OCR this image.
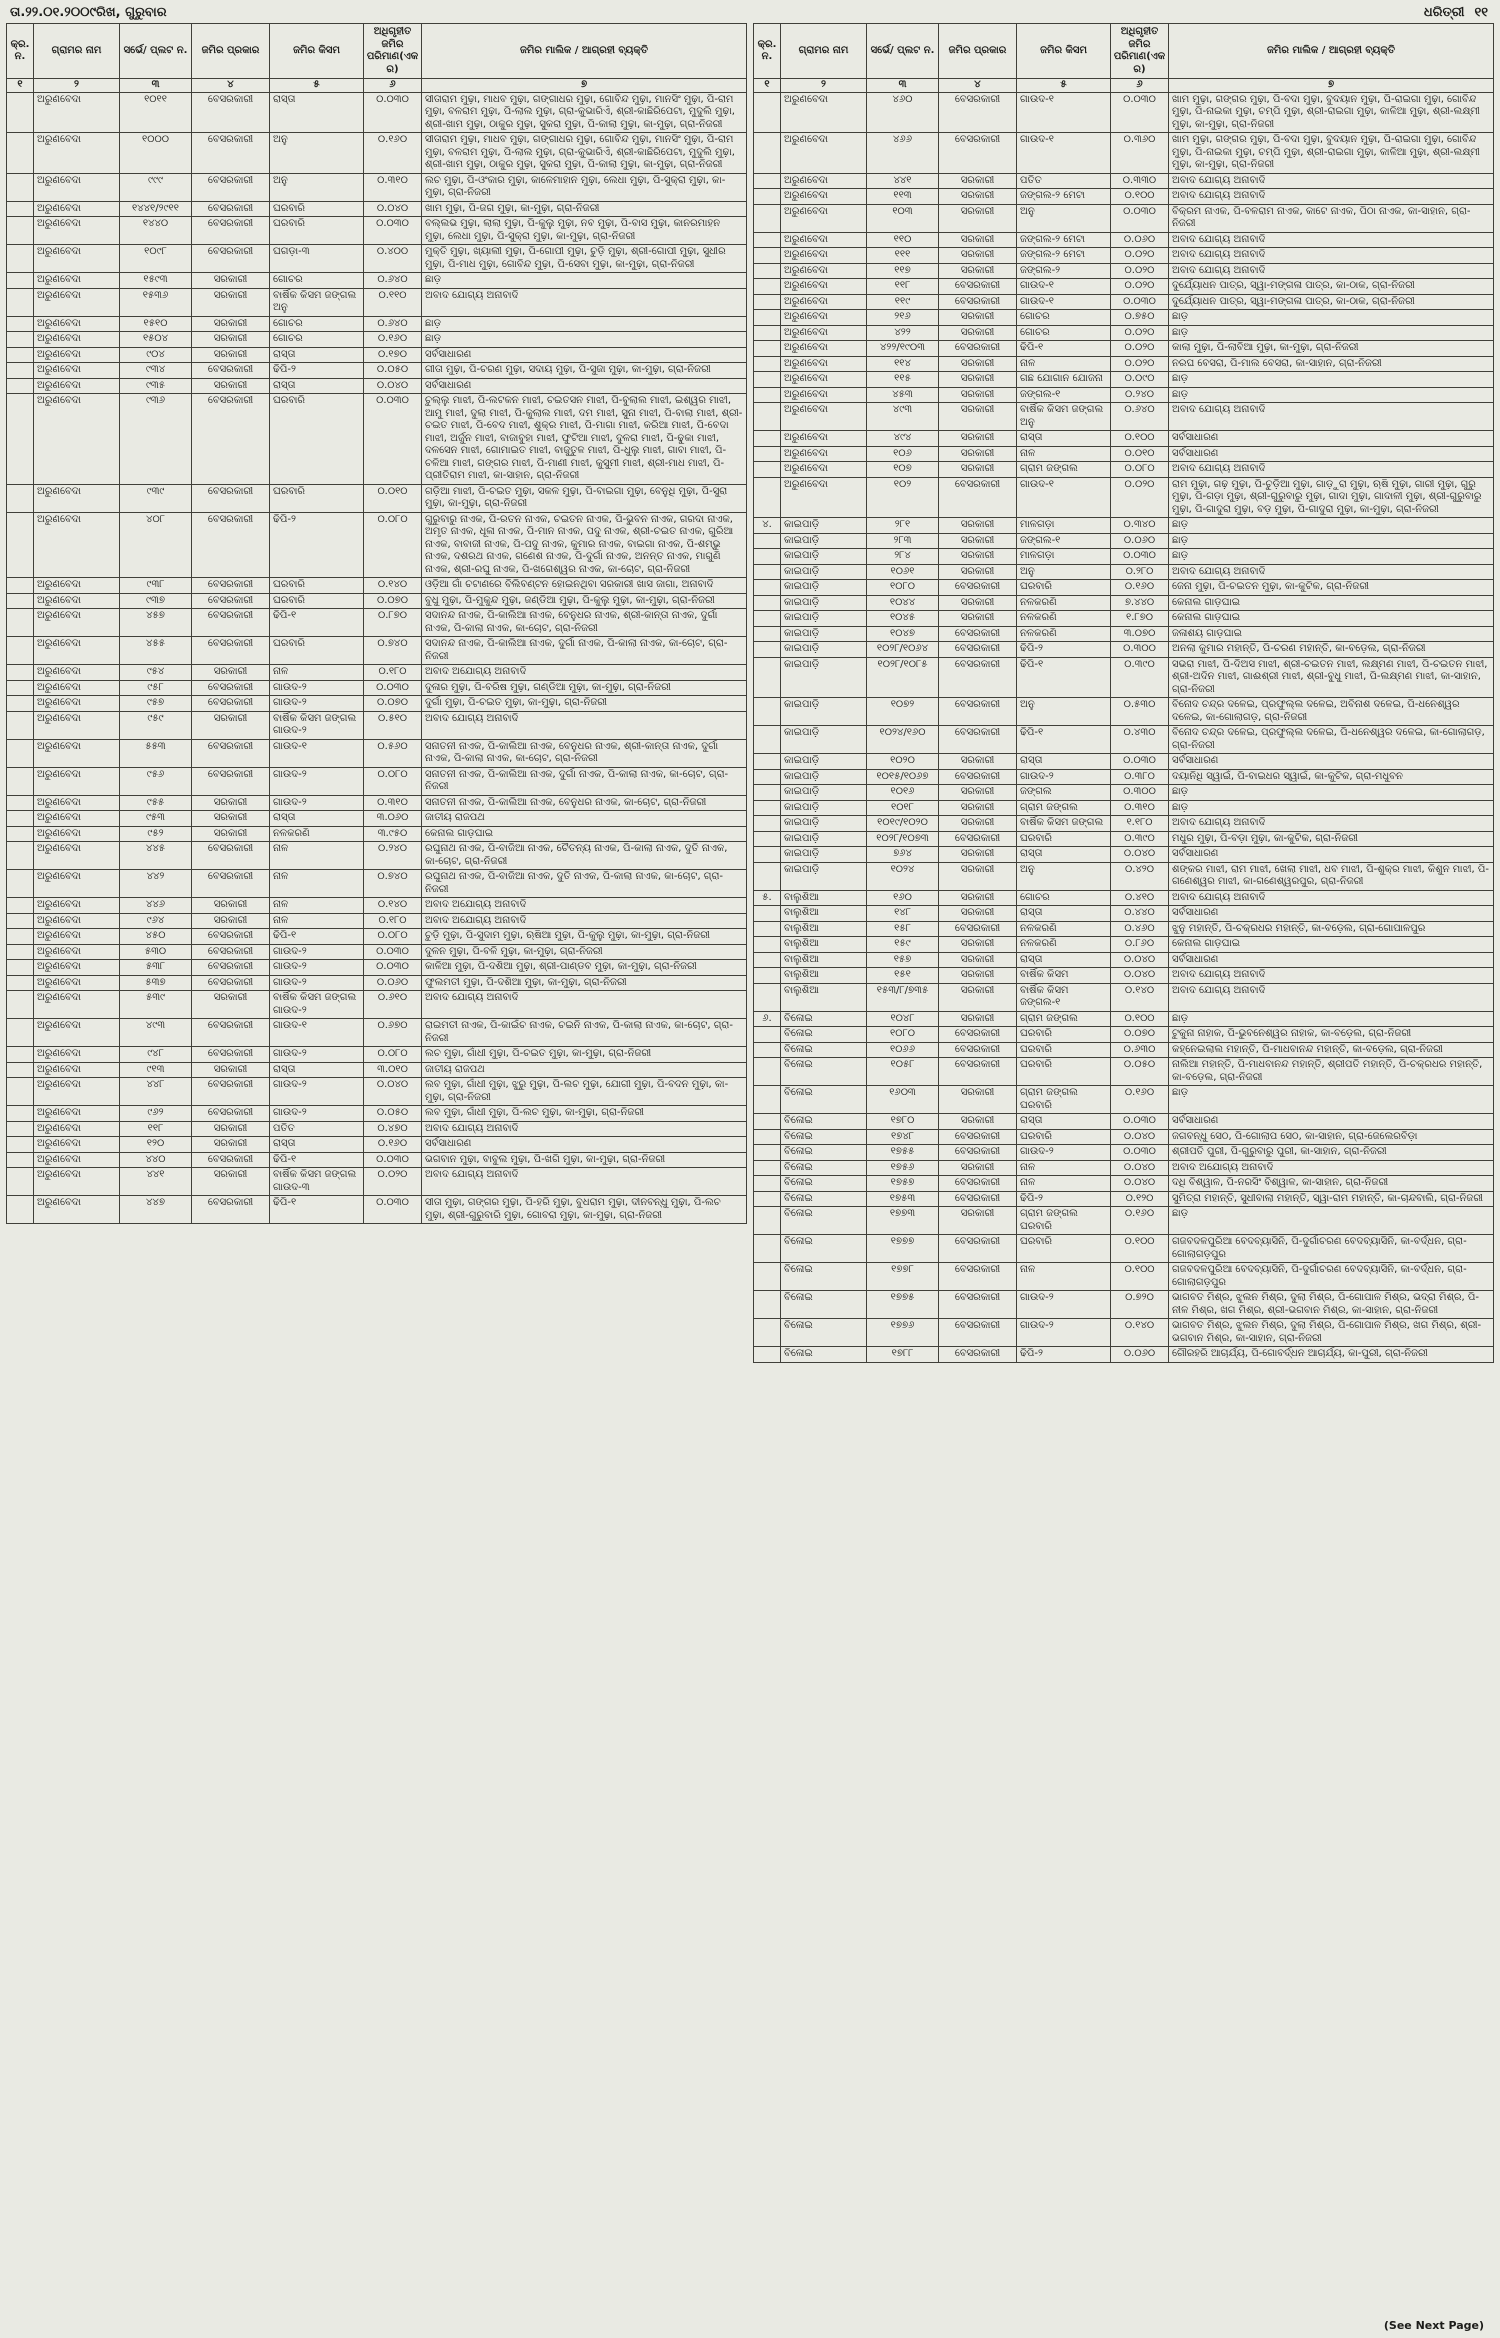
ତା.୨୨.୦୧.୨୦୦୯ରିଖ, ଗୁରୁବାର	ଧରିତ୍ରୀ ୧୧
କ୍ର. ନ.	ଗ୍ରାମର ନାମ	ସର୍ଭେ/ ପ୍ଲଟ ନ.	ଜମିର ପ୍ରକାର	ଜମିର କିସମ	ଅଧିଗୃହୀତ ଜମିର ପରିମାଣ(ଏକର)	ଜମିର ମାଲିକ / ଆଗ୍ରହୀ ବ୍ୟକ୍ତି
୧	୨	୩	୪	୫	୬	୭
	ଅରୁଣବେଦା	୧୦୧୧	ବେସରକାରୀ	ରାସ୍ତା	୦.୦୩୦	ସୀତାରାମ ମୁଢ଼ା, ମାଧବ ମୁଢ଼ା, ଗଙ୍ଗାଧର ମୁଢ଼ା, ଗୋବିନ୍ଦ ମୁଢ଼ା, ମାନସିଂ ମୁଢ଼ା, ପି-ରାମ ମୁଢ଼ା, ବଳରାମ ମୁଢ଼ା, ପି-ଲାଲ ମୁଢ଼ା, ଗ୍ରା-କୁଭାରିଏଁ, ଶ୍ରୀ-କାଛିରିପେଟା, ମୁଦୁଲି ମୁଢ଼ା, ଶ୍ରୀ-ଖାମ ମୁଢ଼ା, ଠାକୁର ମୁଢ଼ା, ସୁକରା ମୁଢ଼ା, ପି-କାଲା ମୁଢ଼ା, କା-ମୁଢ଼ା, ଗ୍ରା-ନିଜରୀ
	ଅରୁଣବେଦା	୧୦୦୦	ବେସରକାରୀ	ଅନୁ	୦.୧୬୦	ସୀତାରାମ ମୁଢ଼ା, ମାଧବ ମୁଢ଼ା, ଗଙ୍ଗାଧର ମୁଢ଼ା, ଗୋବିନ୍ଦ ମୁଢ଼ା, ମାନସିଂ ମୁଢ଼ା, ପି-ରାମ ମୁଢ଼ା, ବଳରାମ ମୁଢ଼ା, ପି-ଲାଲ ମୁଢ଼ା, ଗ୍ରା-କୁଭାରିଏଁ, ଶ୍ରୀ-କାଛିରିପେଟା, ମୁଦୁଲି ମୁଢ଼ା, ଶ୍ରୀ-ଖାମ ମୁଢ଼ା, ଠାକୁର ମୁଢ଼ା, ସୁକରା ମୁଢ଼ା, ପି-କାଲା ମୁଢ଼ା, କା-ମୁଢ଼ା, ଗ୍ରା-ନିଜରୀ
	ଅରୁଣବେଦା	୯୯୯	ବେସରକାରୀ	ଅନୁ	୦.୩୧୦	ଲଚ ମୁଢ଼ା, ପି-ଓଂକାର ମୁଢ଼ା, କାଳେମାହାନ ମୁଢ଼ା, ଲେଧା ମୁଢ଼ା, ପି-ସୁକ୍ରା ମୁଢ଼ା, କା-ମୁଢ଼ା, ଗ୍ରା-ନିଜରୀ
	ଅରୁଣବେଦା	୧୪୪୧/୨୯୧୧	ବେସରକାରୀ	ଘରବାରି	୦.୦୪୦	ଖାମ ମୁଢ଼ା, ପି-ଜଗ ମୁଢ଼ା, କା-ମୁଢ଼ା, ଗ୍ରା-ନିଜରୀ
	ଅରୁଣବେଦା	୧୪୪୦	ବେସରକାରୀ	ଘରବାରି	୦.୦୩୦	ବଲ୍ଲଭ ମୁଢ଼ା, ଲାଲା ମୁଢ଼ା, ପି-କୁଲୁ ମୁଢ଼ା, ନବ ମୁଢ଼ା, ପି-ବାସ ମୁଢ଼ା, କାନରମାହନ ମୁଢ଼ା, ଲେଧା ମୁଢ଼ା, ପି-ସୁକ୍ରା ମୁଢ଼ା, କା-ମୁଢ଼ା, ଗ୍ରା-ନିଜରୀ
	ଅରୁଣବେଦା	୧୦୯୮	ବେସରକାରୀ	ଘଗଡ଼ା-୩	୦.୪୦୦	ମୁକ୍ତି ମୁଢ଼ା, ଖ୍ୟାଲୀ ମୁଢ଼ା, ପି-ଗୋପୀ ମୁଢ଼ା, ଚୁଡ଼ି ମୁଢ଼ା, ଶ୍ରୀ-ଗୋପୀ ମୁଢ଼ା, ସୁଧୀର ମୁଢ଼ା, ପି-ମାଧ ମୁଢ଼ା, ଗୋବିନ୍ଦ ମୁଢ଼ା, ପି-ସେବା ମୁଢ଼ା, କା-ମୁଢ଼ା, ଗ୍ରା-ନିଜରୀ
	ଅରୁଣବେଦା	୧୫୯୩	ସରକାରୀ	ଗୋଚର	୦.୬୪୦	ଛାଡ଼
	ଅରୁଣବେଦା	୧୫୩୬	ସରକାରୀ	ବାର୍ଷିକ କିସମ ଜଙ୍ଗଲ ଅନୁ	୦.୧୧୦	ଅବାଦ ଯୋଗ୍ୟ ଅନାବାଦି
	ଅରୁଣବେଦା	୧୫୧୦	ସରକାରୀ	ଗୋଚର	୦.୬୪୦	ଛାଡ଼
	ଅରୁଣବେଦା	୧୫୦୪	ସରକାରୀ	ଗୋଚର	୦.୧୬୦	ଛାଡ଼
	ଅରୁଣବେଦା	୯୦୪	ସରକାରୀ	ରାସ୍ତା	୦.୧୭୦	ସର୍ବସାଧାରଣ
	ଅରୁଣବେଦା	୯୩୪	ବେସରକାରୀ	ଢିପି-୨	୦.୦୫୦	ଗୀତା ମୁଢ଼ା, ପି-ଚରଣ ମୁଢ଼ା, ସଦାୟ ମୁଢ଼ା, ପି-ସୁଜା ମୁଢ଼ା, କା-ମୁଢ଼ା, ଗ୍ରା-ନିଜରୀ
	ଅରୁଣବେଦା	୯୩୫	ସରକାରୀ	ରାସ୍ତା	୦.୦୪୦	ସର୍ବସାଧାରଣ
	ଅରୁଣବେଦା	୯୩୬	ବେସରକାରୀ	ଘରବାରି	୦.୦୩୦	ଚୁଲ୍ଲୁ ମାଝୀ, ପି-ଲଟକନ ମାଝୀ, ଚଇତସନ ମାଝୀ, ପି-ବୁଲାଲ ମାଝୀ, ଇଶ୍ୱର ମାଝୀ, ଆମୁ ମାଝୀ, ଦୁଲା ମାଝୀ, ପି-କୁଲାଲ ମାଝୀ, ଦମ ମାଝୀ, ସୁନା ମାଝୀ, ପି-ବାଲା ମାଝୀ, ଶ୍ରୀ-ଚଇତ ମାଝୀ, ପି-ବେଦ ମାଝୀ, ଶୁକ୍ର ମାଝୀ, ପି-ମାଗା ମାଝୀ, କରିଆ ମାଝୀ, ପି-ବେଦା ମାଝୀ, ଅର୍ଜୁନ ମାଝୀ, ବାଜାବୁହା ମାଝୀ, ଫୁଟିଆ ମାଝୀ, ଦୁଳରା ମାଝୀ, ପି-ଢୁକା ମାଝୀ, ଦଳସେନ ମାଝୀ, ଗୋମାଇତ ମାଝୀ, ବାଜୁତୁଳ ମାଝୀ, ପି-ଧୁଲୁ ମାଝୀ, ଗାବା ମାଝୀ, ପି-ଚଳିଆ ମାଝୀ, ଗଙ୍ଗର ମାଝୀ, ପି-ମାଣୀ ମାଝୀ, କୁସୁମୀ ମାଝୀ, ଶ୍ରୀ-ମାଧ ମାଝୀ, ପି-ପ୍ରୀତିରାମ ମାଝୀ, କା-ସାହାନ, ଗ୍ରା-ନିଜରୀ
	ଅରୁଣବେଦା	୯୩୯	ବେସରକାରୀ	ଘରବାରି	୦.୦୧୦	ଗଡ଼ିଆ ମାଝୀ, ପି-ଚଇତ ମୁଢ଼ା, ସକଳ ମୁଢ଼ା, ପି-ବାଇଗା ମୁଢ଼ା, ବେନୁଧି ମୁଢ଼ା, ପି-ସୁରା ମୁଢ଼ା, କା-ମୁଢ଼ା, ଗ୍ରା-ନିଜରୀ
	ଅରୁଣବେଦା	୪୦୮	ବେସରକାରୀ	ଢିପି-୨	୦.୦୮୦	ଗୁରୁବାରୁ ନାଏକ, ପି-ରତନ ନାଏକ, ଚଇତନ ନାଏକ, ପି-ଭୁବନ ନାଏକ, ଗରଦା ନାଏକ, ଅମୃତ ନାଏକ, ଧୂଳା ନାଏକ, ପି-ମାନ ନାଏକ, ପଦୁ ନାଏକ, ଶ୍ରୀ-ଚଇତ ନାଏକ, ଗୁରିଆ ନାଏକ, ବାବାଜୀ ନାଏକ, ପି-ପଦୁ ନାଏକ, କୁମାର ନାଏକ, ବାଇଗା ନାଏକ, ପି-ଶମ୍ଭୁ ନାଏକ, ଦଶରଥ ନାଏକ, ଗଣେଶ ନାଏକ, ପି-ଦୁର୍ଗା ନାଏକ, ଅନନ୍ତ ନାଏକ, ମାଗୁଣି ନାଏକ, ଶ୍ରୀ-ରଘୁ ନାଏକ, ପି-ଖଗେଶ୍ୱର ନାଏକ, କା-ଚୋଟ, ଗ୍ରା-ନିଜରୀ
	ଅରୁଣବେଦା	୯୩୮	ବେସରକାରୀ	ଘରବାରି	୦.୧୪୦	ଓଡ଼ିଆ ଗାଁ ଚଟାଣରେ ବିଲିବଣ୍ଟନ ହୋଇନଥିବା ସରକାରୀ ଖାସ ଜାଗା, ଅନାବାଦି
	ଅରୁଣବେଦା	୯୩୭	ବେସରକାରୀ	ଘରବାରି	୦.୦୭୦	ବୁଧୁ ମୁଢ଼ା, ପି-ମୁକୁନ୍ଦ ମୁଢ଼ା, ଜଣ୍ଡିଆ ମୁଢ଼ା, ପି-କୁଲୁ ମୁଢ଼ା, କା-ମୁଢ଼ା, ଗ୍ରା-ନିଜରୀ
	ଅରୁଣବେଦା	୪୫୭	ବେସରକାରୀ	ଢିପି-୧	୦.୮୭୦	ସଦାନନ୍ଦ ନାଏକ, ପି-କାଲିଆ ନାଏକ, ବେନୁଧର ନାଏକ, ଶ୍ରୀ-କାନ୍ତା ନାଏକ, ଦୁର୍ଗା ନାଏକ, ପି-କାଲା ନାଏକ, କା-ଚୋଟ, ଗ୍ରା-ନିଜରୀ
	ଅରୁଣବେଦା	୪୫୫	ବେସରକାରୀ	ଘରବାରି	୦.୭୪୦	ସଦାନନ୍ଦ ନାଏକ, ପି-କାଲିଆ ନାଏକ, ଦୁର୍ଗା ନାଏକ, ପି-କାଲା ନାଏକ, କା-ଚୋଟ, ଗ୍ରା-ନିଜରୀ
	ଅରୁଣବେଦା	୯୫୪	ସରକାରୀ	ନାଳ	୦.୧୮୦	ଅବାଦ ଅଯୋଗ୍ୟ ଅନାବାଦି
	ଅରୁଣବେଦା	୯୫୮	ବେସରକାରୀ	ଗାଉଦ-୨	୦.୦୩୦	ଦୁଳାର ମୁଢ଼ା, ପି-ବରିଷ ମୁଢ଼ା, ଗଣ୍ଡିଆ ମୁଢ଼ା, କା-ମୁଢ଼ା, ଗ୍ରା-ନିଜରୀ
	ଅରୁଣବେଦା	୯୫୭	ବେସରକାରୀ	ଗାଉଦ-୨	୦.୦୭୦	ଦୁର୍ଗା ମୁଢ଼ା, ପି-ଚଇତ ମୁଢ଼ା, କା-ମୁଢ଼ା, ଗ୍ରା-ନିଜରୀ
	ଅରୁଣବେଦା	୯୫୯	ସରକାରୀ	ବାର୍ଷିକ କିସମ ଜଙ୍ଗଲ ଗାଉଦ-୨	୦.୫୧୦	ଅବାଦ ଯୋଗ୍ୟ ଅନାବାଦି
	ଅରୁଣବେଦା	୫୫୩	ବେସରକାରୀ	ଗାଉଦ-୧	୦.୫୬୦	ସନାତନୀ ନାଏକ, ପି-କାଲିଆ ନାଏକ, ବେନୁଧର ନାଏକ, ଶ୍ରୀ-କାନ୍ତା ନାଏକ, ଦୁର୍ଗା ନାଏକ, ପି-କାଲା ନାଏକ, କା-ଚୋଟ, ଗ୍ରା-ନିଜରୀ
	ଅରୁଣବେଦା	୯୫୬	ବେସରକାରୀ	ଗାଉଦ-୨	୦.୦୮୦	ସନାତନୀ ନାଏକ, ପି-କାଲିଆ ନାଏକ, ଦୁର୍ଗା ନାଏକ, ପି-କାଲା ନାଏକ, କା-ଚୋଟ, ଗ୍ରା-ନିଜରୀ
	ଅରୁଣବେଦା	୯୫୫	ସରକାରୀ	ଗାଉଦ-୨	୦.୩୧୦	ସନାତନୀ ନାଏକ, ପି-କାଲିଆ ନାଏକ, ବେନୁଧର ନାଏକ, କା-ଚୋଟ, ଗ୍ରା-ନିଜରୀ
	ଅରୁଣବେଦା	୯୫୩	ସରକାରୀ	ରାସ୍ତା	୩.୦୬୦	ଜାତୀୟ ରାଜପଥ
	ଅରୁଣବେଦା	୯୫୨	ସରକାରୀ	ନଳକରଣି	୩.୯୫୦	କେନାଲ ଗାଡ଼ଘାଇ
	ଅରୁଣବେଦା	୪୪୫	ବେସରକାରୀ	ନାଳ	୦.୨୪୦	ରଘୁନାଥ ନାଏକ, ପି-ବାଜିଆ ନାଏକ, ଚୈତନ୍ୟ ନାଏକ, ପି-କାଲା ନାଏକ, ଦୁତି ନାଏକ, କା-ଚୋଟ, ଗ୍ରା-ନିଜରୀ
	ଅରୁଣବେଦା	୪୪୨	ବେସରକାରୀ	ନାଳ	୦.୭୪୦	ରଘୁନାଥ ନାଏକ, ପି-ବାଜିଆ ନାଏକ, ଦୁତି ନାଏକ, ପି-କାଲା ନାଏକ, କା-ଚୋଟ, ଗ୍ରା-ନିଜରୀ
	ଅରୁଣବେଦା	୪୪୬	ସରକାରୀ	ନାଳ	୦.୧୪୦	ଅବାଦ ଅଯୋଗ୍ୟ ଅନାବାଦି
	ଅରୁଣବେଦା	୯୬୪	ସରକାରୀ	ନାଳ	୦.୧୮୦	ଅବାଦ ଅଯୋଗ୍ୟ ଅନାବାଦି
	ଅରୁଣବେଦା	୪୫୦	ବେସରକାରୀ	ଢିପି-୧	୦.୦୮୦	ଚୁଡ଼ି ମୁଢ଼ା, ପି-ସୁଦାମ ମୁଢ଼ା, ଋଷିଆ ମୁଢ଼ା, ପି-କୁଲୁ ମୁଢ଼ା, କା-ମୁଢ଼ା, ଗ୍ରା-ନିଜରୀ
	ଅରୁଣବେଦା	୫୩୦	ବେସରକାରୀ	ଗାଉଦ-୨	୦.୦୩୦	ଦୁଳନ ମୁଢ଼ା, ପି-ବଳି ମୁଢ଼ା, କା-ମୁଢ଼ା, ଗ୍ରା-ନିଜରୀ
	ଅରୁଣବେଦା	୫୩୮	ବେସରକାରୀ	ଗାଉଦ-୨	୦.୦୩୦	କାଳିଆ ମୁଢ଼ା, ପି-ଦଶିଆ ମୁଢ଼ା, ଶ୍ରୀ-ପାଣ୍ଡବ ମୁଢ଼ା, କା-ମୁଢ଼ା, ଗ୍ରା-ନିଜରୀ
	ଅରୁଣବେଦା	୫୩୭	ବେସରକାରୀ	ଗାଉଦ-୨	୦.୦୬୦	ଫୁଲମତୀ ମୁଢ଼ା, ପି-ଦଶିଆ ମୁଢ଼ା, କା-ମୁଢ଼ା, ଗ୍ରା-ନିଜରୀ
	ଅରୁଣବେଦା	୫୩୯	ସରକାରୀ	ବାର୍ଷିକ କିସମ ଜଙ୍ଗଲ ଗାଉଦ-୨	୦.୬୧୦	ଅବାଦ ଯୋଗ୍ୟ ଅନାବାଦି
	ଅରୁଣବେଦା	୪୯୩	ବେସରକାରୀ	ଗାଉଦ-୧	୦.୬୭୦	ରାଇମତୀ ନାଏକ, ପି-କାଇଁଚ ନାଏକ, ଚଇନି ନାଏକ, ପି-କାଲା ନାଏକ, କା-ଚୋଟ, ଗ୍ରା-ନିଜରୀ
	ଅରୁଣବେଦା	୯୪୮	ବେସରକାରୀ	ଗାଉଦ-୨	୦.୦୮୦	ଲଚ ମୁଢ଼ା, ଗାଁଧୀ ମୁଢ଼ା, ପି-ଚଇତ ମୁଢ଼ା, କା-ମୁଢ଼ା, ଗ୍ରା-ନିଜରୀ
	ଅରୁଣବେଦା	୯୧୩	ସରକାରୀ	ରାସ୍ତା	୩.୦୧୦	ଜାତୀୟ ରାଜପଥ
	ଅରୁଣବେଦା	୪୪୮	ବେସରକାରୀ	ଗାଉଦ-୨	୦.୦୪୦	ଲବ ମୁଢ଼ା, ଗାଁଧୀ ମୁଢ଼ା, ଝୁରୁ ମୁଢ଼ା, ପି-ଲଚ ମୁଢ଼ା, ଯୋଗୀ ମୁଢ଼ା, ପି-ବଦନ ମୁଢ଼ା, କା-ମୁଢ଼ା, ଗ୍ରା-ନିଜରୀ
	ଅରୁଣବେଦା	୯୬୨	ବେସରକାରୀ	ଗାଉଦ-୨	୦.୦୫୦	ଲବ ମୁଢ଼ା, ଗାଁଧୀ ମୁଢ଼ା, ପି-ଲଚ ମୁଢ଼ା, କା-ମୁଢ଼ା, ଗ୍ରା-ନିଜରୀ
	ଅରୁଣବେଦା	୧୧୮	ସରକାରୀ	ପତିତ	୦.୪୭୦	ଅବାଦ ଯୋଗ୍ୟ ଅନାବାଦି
	ଅରୁଣବେଦା	୧୨୦	ସରକାରୀ	ରାସ୍ତା	୦.୧୬୦	ସର୍ବସାଧାରଣ
	ଅରୁଣବେଦା	୪୪୦	ବେସରକାରୀ	ଢିପି-୧	୦.୦୩୦	ଭଗବାନ ମୁଢ଼ା, ବାବୁଲ ମୁଢ଼ା, ପି-ଖଗି ମୁଢ଼ା, କା-ମୁଢ଼ା, ଗ୍ରା-ନିଜରୀ
	ଅରୁଣବେଦା	୪୪୧	ସରକାରୀ	ବାର୍ଷିକ କିସମ ଜଙ୍ଗଲ ଗାଉଦ-୩	୦.୦୨୦	ଅବାଦ ଯୋଗ୍ୟ ଅନାବାଦି
	ଅରୁଣବେଦା	୪୪୭	ବେସରକାରୀ	ଢିପି-୧	୦.୦୩୦	ସୀତା ମୁଢ଼ା, ଗଙ୍ଗର ମୁଢ଼ା, ପି-ହରି ମୁଢ଼ା, ବୁଧରାମ ମୁଢ଼ା, ଦୀନବନ୍ଧୁ ମୁଢ଼ା, ପି-ଲଚ ମୁଢ଼ା, ଶ୍ରୀ-ଗୁରୁବାରି ମୁଢ଼ା, ଗୋବରା ମୁଢ଼ା, କା-ମୁଢ଼ା, ଗ୍ରା-ନିଜରୀ
କ୍ର. ନ.	ଗ୍ରାମର ନାମ	ସର୍ଭେ/ ପ୍ଲଟ ନ.	ଜମିର ପ୍ରକାର	ଜମିର କିସମ	ଅଧିଗୃହୀତ ଜମିର ପରିମାଣ(ଏକର)	ଜମିର ମାଲିକ / ଆଗ୍ରହୀ ବ୍ୟକ୍ତି
୧	୨	୩	୪	୫	୬	୭
	ଅରୁଣବେଦା	୪୬୦	ବେସରକାରୀ	ଗାଉଦ-୧	୦.୦୩୦	ଖାମ ମୁଢ଼ା, ଗଙ୍ଗର ମୁଢ଼ା, ପି-ବଦା ମୁଢ଼ା, ବୁଦୟାନ ମୁଢ଼ା, ପି-ରାଇଗା ମୁଢ଼ା, ଗୋବିନ୍ଦ ମୁଢ଼ା, ପି-ନାଇକା ମୁଢ଼ା, ଚମ୍ପି ମୁଢ଼ା, ଶ୍ରୀ-ରାଇଗା ମୁଢ଼ା, କାଳିଆ ମୁଢ଼ା, ଶ୍ରୀ-ଲକ୍ଷ୍ମୀ ମୁଢ଼ା, କା-ମୁଢ଼ା, ଗ୍ରା-ନିଜରୀ
	ଅରୁଣବେଦା	୪୬୬	ବେସରକାରୀ	ଗାଉଦ-୧	୦.୩୬୦	ଖାମ ମୁଢ଼ା, ଗଙ୍ଗର ମୁଢ଼ା, ପି-ବଦା ମୁଢ଼ା, ବୁଦୟାନ ମୁଢ଼ା, ପି-ରାଇଗା ମୁଢ଼ା, ଗୋବିନ୍ଦ ମୁଢ଼ା, ପି-ନାଇକା ମୁଢ଼ା, ଚମ୍ପି ମୁଢ଼ା, ଶ୍ରୀ-ରାଇଗା ମୁଢ଼ା, କାଳିଆ ମୁଢ଼ା, ଶ୍ରୀ-ଲକ୍ଷ୍ମୀ ମୁଢ଼ା, କା-ମୁଢ଼ା, ଗ୍ରା-ନିଜରୀ
	ଅରୁଣବେଦା	୪୪୧	ସରକାରୀ	ପତିତ	୦.୩୩୦	ଅବାଦ ଯୋଗ୍ୟ ଅନାବାଦି
	ଅରୁଣବେଦା	୧୧୩	ସରକାରୀ	ଜଙ୍ଗଲ-୨ ମେଟା	୦.୧୦୦	ଅବାଦ ଯୋଗ୍ୟ ଅନାବାଦି
	ଅରୁଣବେଦା	୧୦୩	ସରକାରୀ	ଅନୁ	୦.୦୩୦	ବିକ୍ରମ ନାଏକ, ପି-ବଳରାମ ନାଏକ, କାଟେ ନାଏକ, ପିଠା ନାଏକ, କା-ସାହାନ, ଗ୍ରା-ନିଜରୀ
	ଅରୁଣବେଦା	୧୧୦	ସରକାରୀ	ଜଙ୍ଗଲ-୨ ମେଟା	୦.୦୬୦	ଅବାଦ ଯୋଗ୍ୟ ଅନାବାଦି
	ଅରୁଣବେଦା	୧୧୧	ସରକାରୀ	ଜଙ୍ଗଲ-୨ ମେଟା	୦.୦୨୦	ଅବାଦ ଯୋଗ୍ୟ ଅନାବାଦି
	ଅରୁଣବେଦା	୧୧୭	ସରକାରୀ	ଜଙ୍ଗଲ-୨	୦.୦୨୦	ଅବାଦ ଯୋଗ୍ୟ ଅନାବାଦି
	ଅରୁଣବେଦା	୧୧୮	ବେସରକାରୀ	ଗାଉଦ-୧	୦.୦୨୦	ଦୁର୍ଯ୍ୟୋଧନ ପାତ୍ର, ସ୍ୱା-ମଙ୍ଗଳା ପାତ୍ର, କା-ଠାକ, ଗ୍ରା-ନିଜରୀ
	ଅରୁଣବେଦା	୧୧୯	ବେସରକାରୀ	ଗାଉଦ-୧	୦.୦୩୦	ଦୁର୍ଯ୍ୟୋଧନ ପାତ୍ର, ସ୍ୱା-ମଙ୍ଗଳା ପାତ୍ର, କା-ଠାକ, ଗ୍ରା-ନିଜରୀ
	ଅରୁଣବେଦା	୨୧୬	ସରକାରୀ	ଗୋଚର	୦.୭୫୦	ଛାଡ଼
	ଅରୁଣବେଦା	୪୨୨	ସରକାରୀ	ଗୋଚର	୦.୦୨୦	ଛାଡ଼
	ଅରୁଣବେଦା	୪୨୨/୧୯୦୩	ବେସରକାରୀ	ଢିପି-୧	୦.୦୨୦	କାଲା ମୁଢ଼ା, ପି-ଲାବିଆ ମୁଢ଼ା, କା-ମୁଢ଼ା, ଗ୍ରା-ନିଜରୀ
	ଅରୁଣବେଦା	୧୧୪	ସରକାରୀ	ନାଳ	୦.୦୨୦	ନରଘ ବେସରା, ପି-ମାଲ ବେସରା, କା-ସାହାନ, ଗ୍ରା-ନିଜରୀ
	ଅରୁଣବେଦା	୧୧୫	ସରକାରୀ	ଗଛ ଯୋଗାନ ଯୋଜନା	୦.୦୯୦	ଛାଡ଼
	ଅରୁଣବେଦା	୪୫୩	ସରକାରୀ	ଜଙ୍ଗଲ-୧	୦.୨୪୦	ଛାଡ଼
	ଅରୁଣବେଦା	୪୯୩	ସରକାରୀ	ବାର୍ଷିକ କିସମ ଜଙ୍ଗଲ ଅନୁ	୦.୬୪୦	ଅବାଦ ଯୋଗ୍ୟ ଅନାବାଦି
	ଅରୁଣବେଦା	୪୯୪	ସରକାରୀ	ରାସ୍ତା	୦.୧୦୦	ସର୍ବସାଧାରଣ
	ଅରୁଣବେଦା	୧୦୬	ସରକାରୀ	ନାଳ	୦.୦୧୦	ସର୍ବସାଧାରଣ
	ଅରୁଣବେଦା	୧୦୭	ସରକାରୀ	ଗ୍ରାମ ଜଙ୍ଗଲ	୦.୦୮୦	ଅବାଦ ଯୋଗ୍ୟ ଅନାବାଦି
	ଅରୁଣବେଦା	୧୦୨	ବେସରକାରୀ	ଗାଉଦ-୧	୦.୦୨୦	ରାମ ମୁଢ଼ା, ଗଢ଼ ମୁଢ଼ା, ପି-ଚୁଡ଼ିଆ ମୁଢ଼ା, ଗାଡ଼ୁରା ମୁଢ଼ା, ଋଷି ମୁଢ଼ା, ଗାରୀ ମୁଢ଼ା, ଗୁରୁ ମୁଢ଼ା, ପି-ଗଡ଼ା ମୁଢ଼ା, ଶ୍ରୀ-ଗୁରୁବାରୁ ମୁଢ଼ା, ଗାଦା ମୁଢ଼ା, ଗାଦାଳୀ ମୁଢ଼ା, ଶ୍ରୀ-ଗୁରୁବାରୁ ମୁଢ଼ା, ପି-ଗାଦୁରା ମୁଢ଼ା, ବଡ଼ ମୁଢ଼ା, ପି-ଗାଦୁରା ମୁଢ଼ା, କା-ମୁଢ଼ା, ଗ୍ରା-ନିଜରୀ
୪.	କାଇପାଡ଼ି	୨୮୧	ସରକାରୀ	ମାଳଗଡ଼ା	୦.୩୪୦	ଛାଡ଼
	କାଇପାଡ଼ି	୨୮୩	ସରକାରୀ	ଜଙ୍ଗଲ-୧	୦.୦୬୦	ଛାଡ଼
	କାଇପାଡ଼ି	୨୮୪	ସରକାରୀ	ମାଳଗଡ଼ା	୦.୦୩୦	ଛାଡ଼
	କାଇପାଡ଼ି	୧୦୬୧	ସରକାରୀ	ଅନୁ	୦.୨୮୦	ଅବାଦ ଯୋଗ୍ୟ ଅନାବାଦି
	କାଇପାଡ଼ି	୧୦୮୦	ବେସରକାରୀ	ଘରବାରି	୦.୧୬୦	ଜେନା ମୁଢ଼ା, ପି-ଚଇତନ ମୁଢ଼ା, କା-କୁଟିକ, ଗ୍ରା-ନିଜରୀ
	କାଇପାଡ଼ି	୧୦୪୪	ସରକାରୀ	ନଳକରଣି	୭.୪୪୦	କେନାଲ ଗାଡ଼ଘାଇ
	କାଇପାଡ଼ି	୧୦୪୫	ସରକାରୀ	ନଳକରଣି	୧.୮୭୦	କେନାଲ ଗାଡ଼ଘାଇ
	କାଇପାଡ଼ି	୧୦୪୭	ବେସରକାରୀ	ନଳକରଣି	୩.୦୭୦	ଜଳାଶୟ ଗାଡ଼ଘାଇ
	କାଇପାଡ଼ି	୧୦୨୮/୧୦୬୪	ବେସରକାରୀ	ଢିପି-୨	୦.୩୦୦	ଅନଲା କୁମାର ମହାନ୍ତି, ପି-ଚରଣ ମହାନ୍ତି, କା-ବଡ଼େଲ, ଗ୍ରା-ନିଜରୀ
	କାଇପାଡ଼ି	୧୦୨୮/୧୦୮୫	ବେସରକାରୀ	ଢିପି-୧	୦.୩୯୦	ସଭରା ମାଝୀ, ପି-ଦିଅସ ମାଝୀ, ଶ୍ରୀ-ଚଇତନ ମାଝୀ, ଲକ୍ଷ୍ମଣ ମାଝୀ, ପି-ଚଇତନ ମାଝୀ, ଶ୍ରୀ-ଅଦିନ ମାଝୀ, ଗାଈଶ୍ରୀ ମାଝୀ, ଶ୍ରୀ-ବୁଧୁ ମାଝୀ, ପି-ଲକ୍ଷ୍ମଣ ମାଝୀ, କା-ସାହାନ, ଗ୍ରା-ନିଜରୀ
	କାଇପାଡ଼ି	୧୦୭୨	ବେସରକାରୀ	ଅନୁ	୦.୫୩୦	ବିନୋଦ ଚନ୍ଦ୍ର ଦଳେଇ, ପ୍ରଫୁଲ୍ଲ ଦଳେଇ, ଅବିନାଶ ଦଳେଇ, ପି-ଧନେଶ୍ୱର ଦଳେଇ, କା-ଗୋଲାଗଡ଼, ଗ୍ରା-ନିଜରୀ
	କାଇପାଡ଼ି	୧୦୨୪/୧୬୦	ବେସରକାରୀ	ଢିପି-୧	୦.୪୩୦	ବିନୋଦ ଚନ୍ଦ୍ର ଦଳେଇ, ପ୍ରଫୁଲ୍ଲ ଦଳେଇ, ପି-ଧନେଶ୍ୱର ଦଳେଇ, କା-ଗୋଲାଗଡ଼, ଗ୍ରା-ନିଜରୀ
	କାଇପାଡ଼ି	୧୦୨୦	ସରକାରୀ	ରାସ୍ତା	୦.୦୩୦	ସର୍ବସାଧାରଣ
	କାଇପାଡ଼ି	୧୦୧୫/୧୦୬୭	ବେସରକାରୀ	ଗାଉଦ-୨	୦.୩୮୦	ଦୟାନିଧି ସ୍ୱାଇଁ, ପି-ବାଇଧର ସ୍ୱାଇଁ, କା-କୁଟିକ, ଗ୍ରା-ମଧୁବନ
	କାଇପାଡ଼ି	୧୦୧୬	ସରକାରୀ	ଜଙ୍ଗଲ	୦.୩୦୦	ଛାଡ଼
	କାଇପାଡ଼ି	୧୦୧୮	ସରକାରୀ	ଗ୍ରାମ ଜଙ୍ଗଲ	୦.୩୧୦	ଛାଡ଼
	କାଇପାଡ଼ି	୧୦୧୯/୧୦୨୦	ସରକାରୀ	ବାର୍ଷିକ କିସମ ଜଙ୍ଗଲ	୧.୧୮୦	ଅବାଦ ଯୋଗ୍ୟ ଅନାବାଦି
	କାଇପାଡ଼ି	୧୦୨୮/୧୦୭୩	ବେସରକାରୀ	ଘରବାରି	୦.୩୯୦	ମଧୁର ମୁଢ଼ା, ପି-ବଡ଼ା ମୁଢ଼ା, କା-କୁଟିକ, ଗ୍ରା-ନିଜରୀ
	କାଇପାଡ଼ି	୭୬୪	ସରକାରୀ	ରାସ୍ତା	୦.୦୪୦	ସର୍ବସାଧାରଣ
	କାଇପାଡ଼ି	୧୦୨୪	ସରକାରୀ	ଅନୁ	୦.୪୨୦	ଶଙ୍କର ମାଝୀ, ରାମ ମାଝୀ, ଖେଲା ମାଝୀ, ଧବ ମାଝୀ, ପି-ଶୁକ୍ର ମାଝୀ, କିଶୁନ ମାଝୀ, ପି-ଗଣେଶ୍ୱର ମାଝୀ, କା-ଗଣେଶ୍ୱରପୁର, ଗ୍ରା-ନିଜରୀ
୫.	ବାଲୁଶିଆ	୧୬୦	ସରକାରୀ	ଗୋଚର	୦.୪୧୦	ଅବାଦ ଯୋଗ୍ୟ ଅନାବାଦି
	ବାଲୁଶିଆ	୧୪୮	ସରକାରୀ	ରାସ୍ତା	୦.୪୪୦	ସର୍ବସାଧାରଣ
	ବାଲୁଶିଆ	୧୫୮	ବେସରକାରୀ	ନଳକରଣି	୦.୪୬୦	ଝୁନୁ ମହାନ୍ତି, ପି-ଚକ୍ରଧର ମହାନ୍ତି, କା-ବଡ଼େଲ, ଗ୍ରା-ଗୋପାଳପୁର
	ବାଲୁଶିଆ	୧୫୯	ସରକାରୀ	ନଳକରଣି	୦.୮୬୦	କେନାଲ ଗାଡ଼ଘାଇ
	ବାଲୁଶିଆ	୧୫୭	ସରକାରୀ	ରାସ୍ତା	୦.୦୪୦	ସର୍ବସାଧାରଣ
	ବାଲୁଶିଆ	୧୫୧	ସରକାରୀ	ବାର୍ଷିକ କିସମ	୦.୦୪୦	ଅବାଦ ଯୋଗ୍ୟ ଅନାବାଦି
	ବାଲୁଶିଆ	୧୫୩/୮/୭୩୫	ସରକାରୀ	ବାର୍ଷିକ କିସମ ଜଙ୍ଗଲ-୧	୦.୧୪୦	ଅବାଦ ଯୋଗ୍ୟ ଅନାବାଦି
୬.	ବିଳୋଇ	୧୦୪୮	ସରକାରୀ	ଗ୍ରାମ ଜଙ୍ଗଲ	୦.୧୦୦	ଛାଡ଼
	ବିଳୋଇ	୧୦୮୦	ବେସରକାରୀ	ଘରବାରି	୦.୦୭୦	ଟୁକୁନା ନାହାକ, ପି-ଭୁବନେଶ୍ୱର ନାହାକ, କା-ବଡ଼େଲ, ଗ୍ରା-ନିଜରୀ
	ବିଳୋଇ	୧୦୬୬	ବେସରକାରୀ	ଘରବାରି	୦.୬୩୦	କହ୍ନେଇଲାଲ ମହାନ୍ତି, ପି-ମାଧବାନନ୍ଦ ମହାନ୍ତି, କା-ବଡ଼େଲ, ଗ୍ରା-ନିଜରୀ
	ବିଳୋଇ	୧୦୫୮	ବେସରକାରୀ	ଘରବାରି	୦.୦୫୦	ନାଲିଆ ମହାନ୍ତି, ପି-ମାଧବାନନ୍ଦ ମହାନ୍ତି, ଶ୍ରୀପତି ମହାନ୍ତି, ପି-ଚକ୍ରଧର ମହାନ୍ତି, କା-ବଡ଼େଲ, ଗ୍ରା-ନିଜରୀ
	ବିଳୋଇ	୧୬୦୩	ସରକାରୀ	ଗ୍ରାମ ଜଙ୍ଗଲ ଘରବାରି	୦.୧୬୦	ଛାଡ଼
	ବିଳୋଇ	୧୭୮୦	ସରକାରୀ	ରାସ୍ତା	୦.୦୩୦	ସର୍ବସାଧାରଣ
	ବିଳୋଇ	୧୭୪୮	ବେସରକାରୀ	ଘରବାରି	୦.୦୪୦	ଜଗବନ୍ଧୁ ସେଠ, ପି-ଗୋଲାପ ସେଠ, କା-ସାହାନ, ଗ୍ରା-ଜେଲେରବିଡ଼ା
	ବିଳୋଇ	୧୭୫୫	ବେସରକାରୀ	ଗାଉଦ-୨	୦.୦୩୦	ଶ୍ରୀପତି ପୁରୀ, ପି-ଗୁରୁବାରୁ ପୁରୀ, କା-ସାହାନ, ଗ୍ରା-ନିଜରୀ
	ବିଳୋଇ	୧୭୫୬	ସରକାରୀ	ନାଳ	୦.୦୪୦	ଅବାଦ ଅଯୋଗ୍ୟ ଅନାବାଦି
	ବିଳୋଇ	୧୭୫୭	ବେସରକାରୀ	ନାଳ	୦.୦୪୦	ଦଧି ବିଶ୍ୱାଳ, ପି-ନରସିଂ ବିଶ୍ୱାଳ, କା-ସାହାନ, ଗ୍ରା-ନିଜରୀ
	ବିଳୋଇ	୧୭୫୩	ବେସରକାରୀ	ଢିପି-୨	୦.୧୨୦	ସୁମିତ୍ରା ମହାନ୍ତି, ସୁଧୀବାଲା ମହାନ୍ତି, ସ୍ୱା-ରାମ ମହାନ୍ତି, କା-ଚାନ୍ଦବାଲି, ଗ୍ରା-ନିଜରୀ
	ବିଳୋଇ	୧୭୭୩	ସରକାରୀ	ଗ୍ରାମ ଜଙ୍ଗଲ ଘରବାରି	୦.୧୬୦	ଛାଡ଼
	ବିଳୋଇ	୧୭୭୭	ବେସରକାରୀ	ଘରବାରି	୦.୧୦୦	ଗଜବଦଳପୁରିଆ ବେଦବ୍ୟାସିନି, ପି-ଦୁର୍ଗାଚରଣ ବେଦବ୍ୟାସିନି, କା-ବର୍ଦ୍ଧନ, ଗ୍ରା-ଗୋଲାଗଡ଼ପୁର
	ବିଳୋଇ	୧୭୭୮	ବେସରକାରୀ	ନାଳ	୦.୧୦୦	ଗଜବଦଳପୁରିଆ ବେଦବ୍ୟାସିନି, ପି-ଦୁର୍ଗାଚରଣ ବେଦବ୍ୟାସିନି, କା-ବର୍ଦ୍ଧନ, ଗ୍ରା-ଗୋଲାଗଡ଼ପୁର
	ବିଳୋଇ	୧୭୭୫	ବେସରକାରୀ	ଗାଉଦ-୨	୦.୭୨୦	ଭାଗବତ ମିଶ୍ର, ଝୁଲନ ମିଶ୍ର, ଦୁଲା ମିଶ୍ର, ପି-ଗୋପାଳ ମିଶ୍ର, ଭଦ୍ରା ମିଶ୍ର, ପି-ନୀଳ ମିଶ୍ର, ଖଗ ମିଶ୍ର, ଶ୍ରୀ-ଭଗବାନ ମିଶ୍ର, କା-ସାହାନ, ଗ୍ରା-ନିଜରୀ
	ବିଳୋଇ	୧୭୭୬	ବେସରକାରୀ	ଗାଉଦ-୨	୦.୧୪୦	ଭାଗବତ ମିଶ୍ର, ଝୁଲନ ମିଶ୍ର, ଦୁଲା ମିଶ୍ର, ପି-ଗୋପାଳ ମିଶ୍ର, ଖଗ ମିଶ୍ର, ଶ୍ରୀ-ଭଗବାନ ମିଶ୍ର, କା-ସାହାନ, ଗ୍ରା-ନିଜରୀ
	ବିଳୋଇ	୧୭୮୮	ବେସରକାରୀ	ଢିପି-୨	୦.୦୬୦	ଗୌରହରି ଆଚାର୍ଯ୍ୟ, ପି-ଗୋବର୍ଦ୍ଧନ ଆଚାର୍ଯ୍ୟ, କା-ପୁରୀ, ଗ୍ରା-ନିଜରୀ
(See Next Page)
